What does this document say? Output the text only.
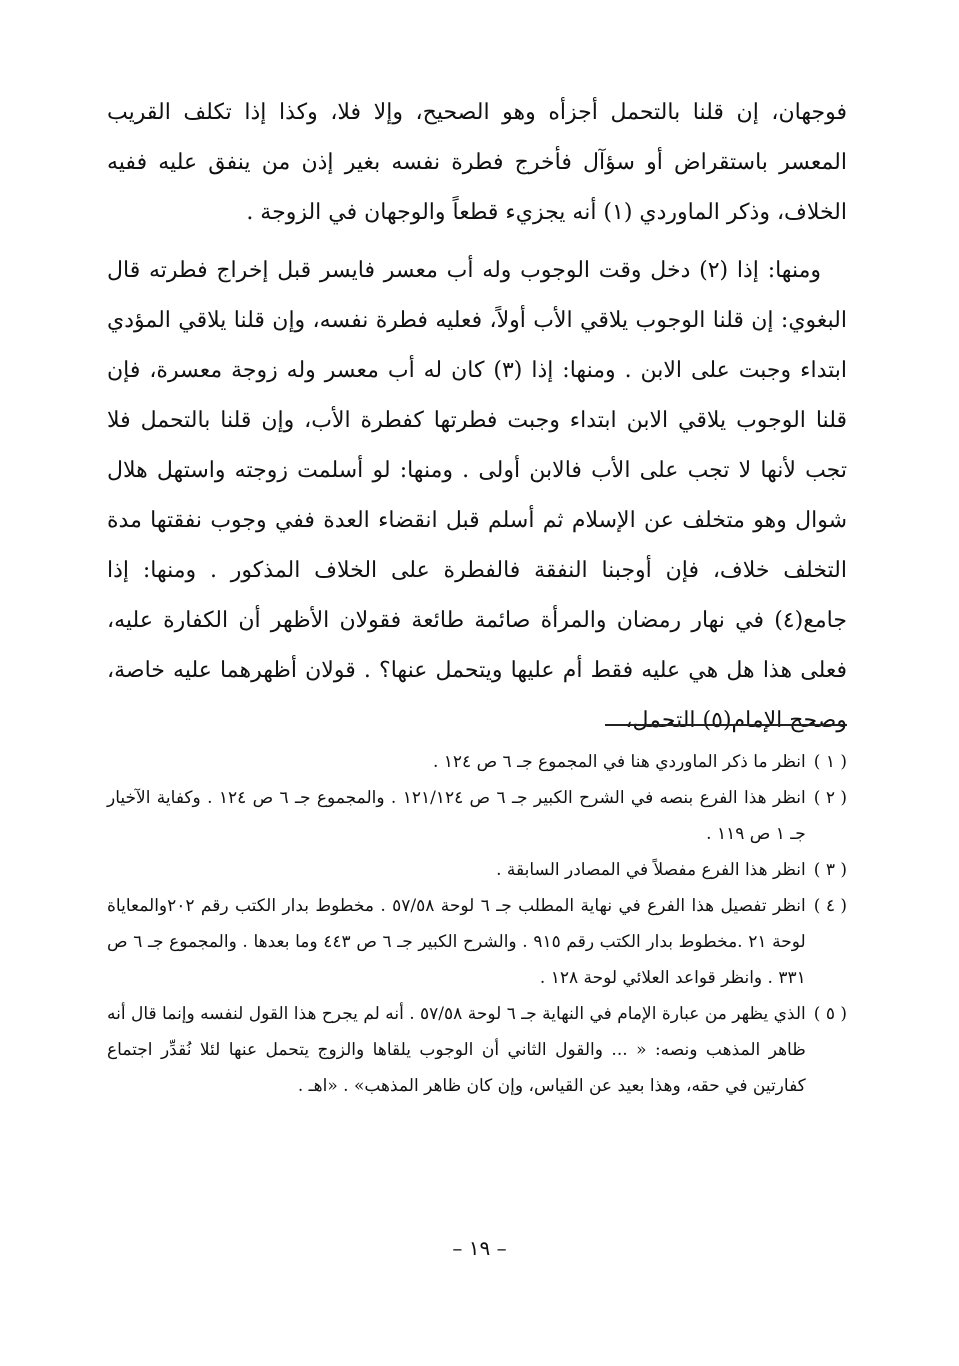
فوجهان، إن قلنا بالتحمل أجزأه وهو الصحيح، وإلا فلا، وكذا إذا تكلف القريب المعسر باستقراض أو سؤآل فأخرج فطرة نفسه بغير إذن من ينفق عليه ففيه الخلاف، وذكر الماوردي (١) أنه يجزيء قطعاً والوجهان في الزوجة .

ومنها: إذا (٢) دخل وقت الوجوب وله أب معسر فايسر قبل إخراج فطرته قال البغوي: إن قلنا الوجوب يلاقي الأب أولاً، فعليه فطرة نفسه، وإن قلنا يلاقي المؤدي ابتداء وجبت على الابن . ومنها: إذا (٣) كان له أب معسر وله زوجة معسرة، فإن قلنا الوجوب يلاقي الابن ابتداء وجبت فطرتها كفطرة الأب، وإن قلنا بالتحمل فلا تجب لأنها لا تجب على الأب فالابن أولى . ومنها: لو أسلمت زوجته واستهل هلال شوال وهو متخلف عن الإسلام ثم أسلم قبل انقضاء العدة ففي وجوب نفقتها مدة التخلف خلاف، فإن أوجبنا النفقة فالفطرة على الخلاف المذكور . ومنها: إذا جامع(٤) في نهار رمضان والمرأة صائمة طائعة فقولان الأظهر أن الكفارة عليه، فعلى هذا هل هي عليه فقط أم عليها ويتحمل عنها؟ . قولان أظهرهما عليه خاصة، وصحح الإمام(٥) التحمل،

( ١ )
انظر ما ذكر الماوردي هنا في المجموع جـ ٦ ص ١٢٤ .
( ٢ )
انظر هذا الفرع بنصه في الشرح الكبير جـ ٦ ص ١٢١/١٢٤ . والمجموع جـ ٦ ص ١٢٤ . وكفاية الآخيار جـ ١ ص ١١٩ .
( ٣ )
انظر هذا الفرع مفصلاً في المصادر السابقة .
( ٤ )
انظر تفصيل هذا الفرع في نهاية المطلب جـ ٦ لوحة ٥٧/٥٨ . مخطوط بدار الكتب رقم ٢٠٢والمعاياة لوحة ٢١ .مخطوط بدار الكتب رقم ٩١٥ . والشرح الكبير جـ ٦ ص ٤٤٣ وما بعدها . والمجموع جـ ٦ ص ٣٣١ . وانظر قواعد العلائي لوحة ١٢٨ .
( ٥ )
الذي يظهر من عبارة الإمام في النهاية جـ ٦ لوحة ٥٧/٥٨ . أنه لم يجرح هذا القول لنفسه وإنما قال أنه ظاهر المذهب ونصه: « ... والقول الثاني أن الوجوب يلقاها والزوج يتحمل عنها لئلا نُقدِّر اجتماع كفارتين في حقه، وهذا بعيد عن القياس، وإن كان ظاهر المذهب» . «اهـ .
– ١٩ –
